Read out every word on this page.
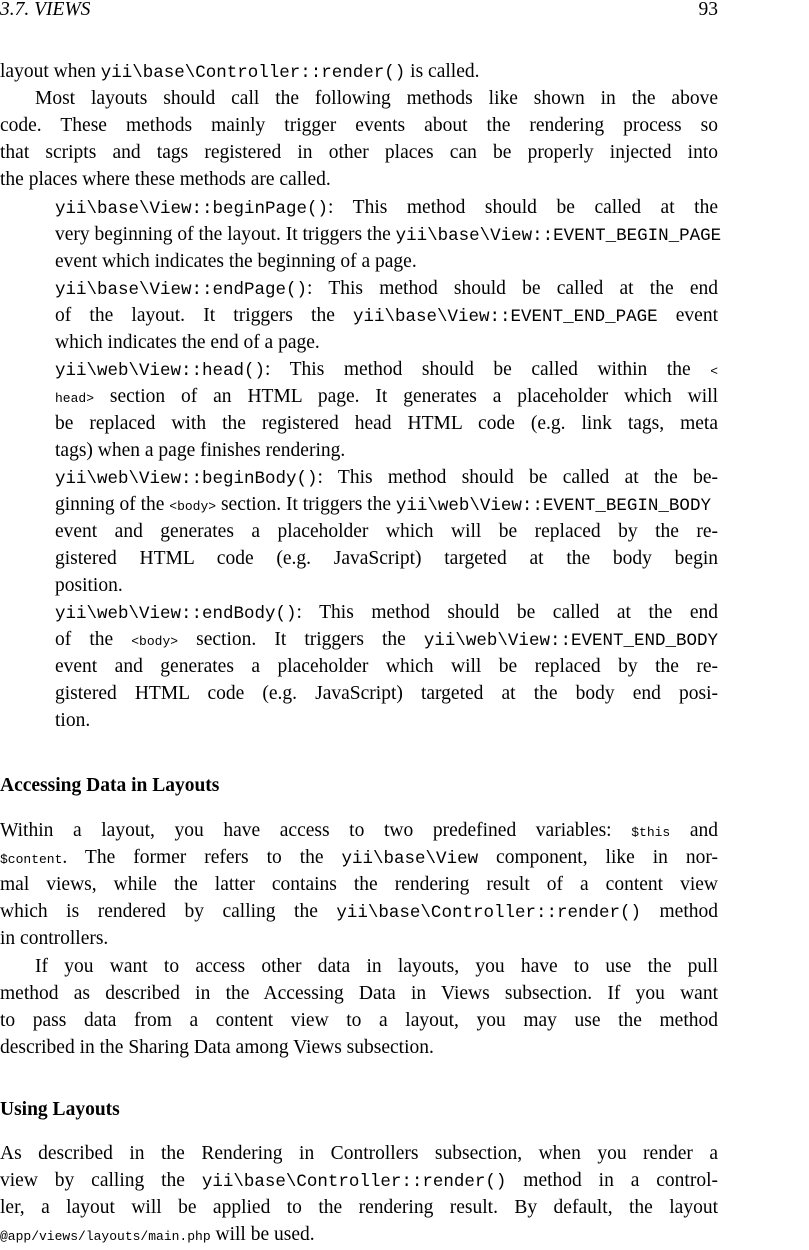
3.7. VIEWS	93
layout when yii\base\Controller::render() is called.
Most layouts should call the following methods like shown in the above
code. These methods mainly trigger events about the rendering process so
that scripts and tags registered in other places can be properly injected into
the places where these methods are called.
yii\base\View::beginPage(): This method should be called at the
very beginning of the layout. It triggers the yii\base\View::EVENT_BEGIN_PAGE
event which indicates the beginning of a page.
yii\base\View::endPage(): This method should be called at the end
of the layout. It triggers the yii\base\View::EVENT_END_PAGE event
which indicates the end of a page.
yii\web\View::head(): This method should be called within the <
head> section of an HTML page. It generates a placeholder which will
be replaced with the registered head HTML code (e.g. link tags, meta
tags) when a page finishes rendering.
yii\web\View::beginBody(): This method should be called at the be-
ginning of the <body> section. It triggers the yii\web\View::EVENT_BEGIN_BODY
event and generates a placeholder which will be replaced by the re-
gistered HTML code (e.g. JavaScript) targeted at the body begin
position.
yii\web\View::endBody(): This method should be called at the end
of the <body> section. It triggers the yii\web\View::EVENT_END_BODY
event and generates a placeholder which will be replaced by the re-
gistered HTML code (e.g. JavaScript) targeted at the body end posi-
tion.
Accessing Data in Layouts
Within a layout, you have access to two predefined variables: $this and
$content. The former refers to the yii\base\View component, like in nor-
mal views, while the latter contains the rendering result of a content view
which is rendered by calling the yii\base\Controller::render() method
in controllers.
If you want to access other data in layouts, you have to use the pull
method as described in the Accessing Data in Views subsection. If you want
to pass data from a content view to a layout, you may use the method
described in the Sharing Data among Views subsection.
Using Layouts
As described in the Rendering in Controllers subsection, when you render a
view by calling the yii\base\Controller::render() method in a control-
ler, a layout will be applied to the rendering result. By default, the layout
@app/views/layouts/main.php will be used.
